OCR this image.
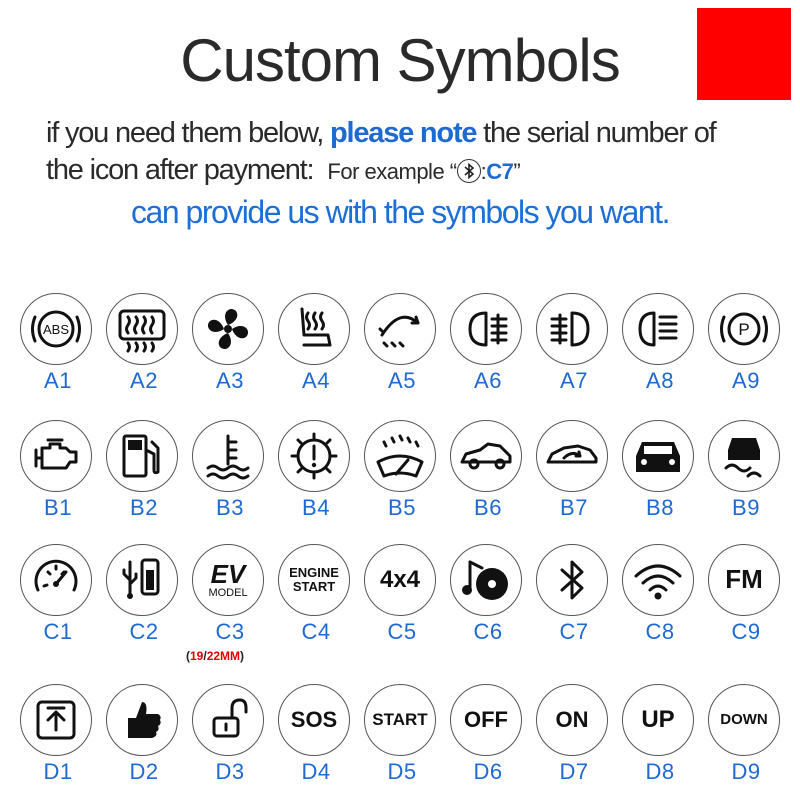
Custom Symbols
if you need them below, please note the serial number of
the icon after payment: For example “ :C7”
can provide us with the symbols you want.
ABS
A1	A2	A3	A4	A5	A6	A7	A8
P
A9
B1	B2	B3	B4	B5	B6	B7	B8	B9
C1	C2
EV
MODEL
C3
ENGINE
START
C4
4x4
C5	C6	C7	C8
FM
C9
D1	D2	D3
SOS
D4
START
D5
OFF
D6
ON
D7
UP
D8
DOWN
D9
(19/22MM)
